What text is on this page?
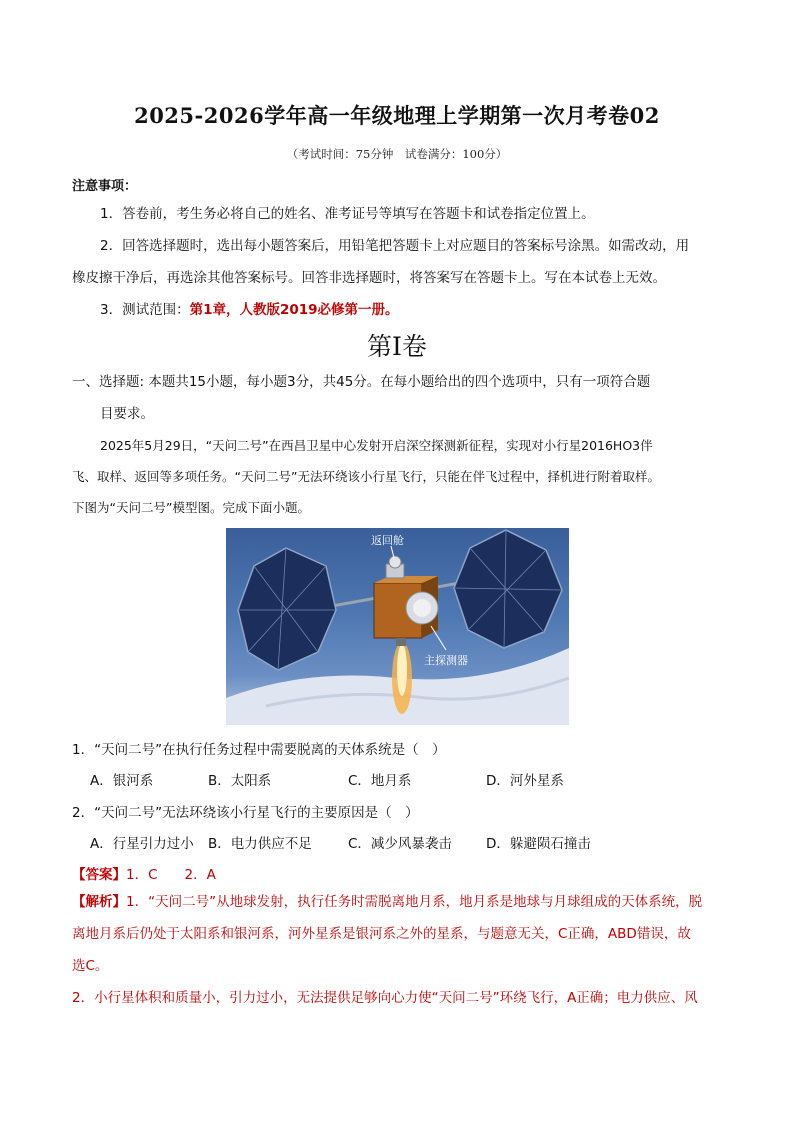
2025-2026学年高一年级地理上学期第一次月考卷02
（考试时间：75分钟　试卷满分：100分）
注意事项：
1．答卷前，考生务必将自己的姓名、准考证号等填写在答题卡和试卷指定位置上。
2．回答选择题时，选出每小题答案后，用铅笔把答题卡上对应题目的答案标号涂黑。如需改动，用
橡皮擦干净后，再选涂其他答案标号。回答非选择题时，将答案写在答题卡上。写在本试卷上无效。
3．测试范围：第1章，人教版2019必修第一册。
第Ⅰ卷
一、选择题: 本题共15小题，每小题3分，共45分。在每小题给出的四个选项中，只有一项符合题
目要求。
2025年5月29日，“天问二号”在西昌卫星中心发射开启深空探测新征程，实现对小行星2016HO3伴
飞、取样、返回等多项任务。“天问二号”无法环绕该小行星飞行，只能在伴飞过程中，择机进行附着取样。
下图为“天问二号”模型图。完成下面小题。
返回舱
主探测器
1．“天问二号”在执行任务过程中需要脱离的天体系统是（　）
A．银河系	B．太阳系	C．地月系	D．河外星系
2．“天问二号”无法环绕该小行星飞行的主要原因是（　）
A．行星引力过小 B．电力供应不足	C．减少风暴袭击	D．躲避陨石撞击
【答案】1．C　　2．A
【解析】1．“天问二号”从地球发射，执行任务时需脱离地月系，地月系是地球与月球组成的天体系统，脱
离地月系后仍处于太阳系和银河系，河外星系是银河系之外的星系，与题意无关，C正确，ABD错误，故
选C。
2．小行星体积和质量小，引力过小，无法提供足够向心力使“天问二号”环绕飞行，A正确；电力供应、风
